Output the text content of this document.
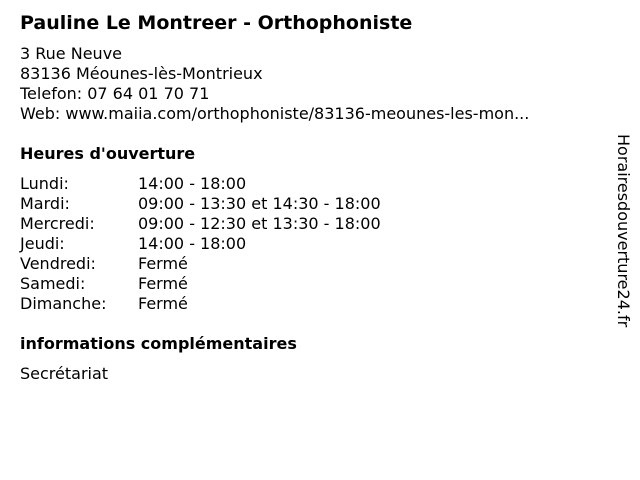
Pauline Le Montreer - Orthophoniste
3 Rue Neuve
83136 Méounes-lès-Montrieux
Telefon: 07 64 01 70 71
Web: www.maiia.com/orthophoniste/83136-meounes-les-mon...
Heures d'ouverture
Lundi:	14:00 - 18:00
Mardi:	09:00 - 13:30 et 14:30 - 18:00
Mercredi:	09:00 - 12:30 et 13:30 - 18:00
Jeudi:	14:00 - 18:00
Vendredi:	Fermé
Samedi:	Fermé
Dimanche:	Fermé
informations complémentaires
Secrétariat
Horairesdouverture24.fr
